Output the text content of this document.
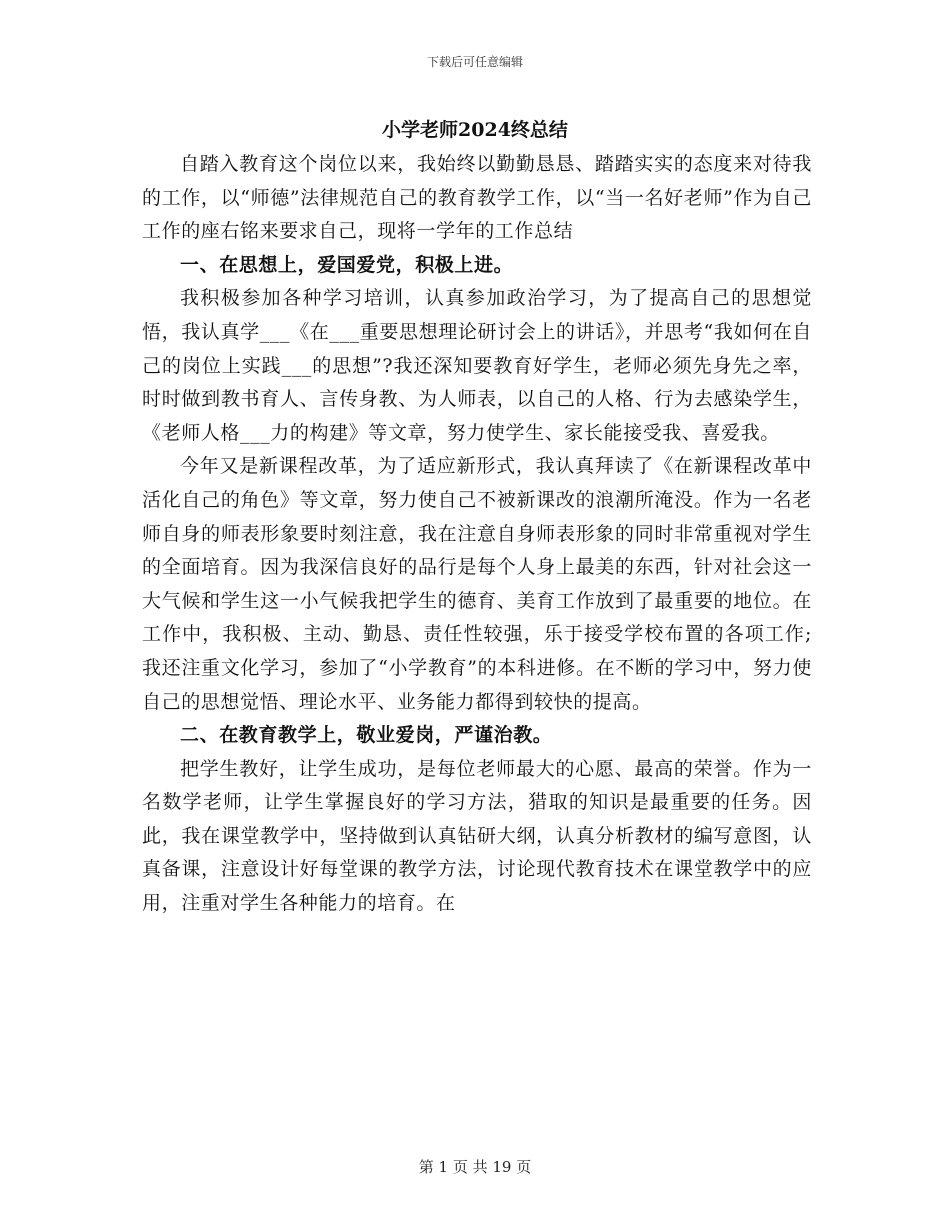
下载后可任意编辑
小学老师2024终总结

自踏入教育这个岗位以来，我始终以勤勤恳恳、踏踏实实的态度来对待我的工作，以“师德”法律规范自己的教育教学工作，以“当一名好老师”作为自己工作的座右铭来要求自己，现将一学年的工作总结

一、在思想上，爱国爱党，积极上进。

我积极参加各种学习培训，认真参加政治学习，为了提高自己的思想觉悟，我认真学___《在___重要思想理论研讨会上的讲话》，并思考“我如何在自己的岗位上实践___的思想”?我还深知要教育好学生，老师必须先身先之率，时时做到教书育人、言传身教、为人师表，以自己的人格、行为去感染学生，《老师人格___力的构建》等文章，努力使学生、家长能接受我、喜爱我。

今年又是新课程改革，为了适应新形式，我认真拜读了《在新课程改革中活化自己的角色》等文章，努力使自己不被新课改的浪潮所淹没。作为一名老师自身的师表形象要时刻注意，我在注意自身师表形象的同时非常重视对学生的全面培育。因为我深信良好的品行是每个人身上最美的东西，针对社会这一大气候和学生这一小气候我把学生的德育、美育工作放到了最重要的地位。在工作中，我积极、主动、勤恳、责任性较强，乐于接受学校布置的各项工作;我还注重文化学习，参加了“小学教育”的本科进修。在不断的学习中，努力使自己的思想觉悟、理论水平、业务能力都得到较快的提高。

二、在教育教学上，敬业爱岗，严谨治教。

把学生教好，让学生成功，是每位老师最大的心愿、最高的荣誉。作为一名数学老师，让学生掌握良好的学习方法，猎取的知识是最重要的任务。因此，我在课堂教学中，坚持做到认真钻研大纲，认真分析教材的编写意图，认真备课，注意设计好每堂课的教学方法，讨论现代教育技术在课堂教学中的应用，注重对学生各种能力的培育。在

第 1 页 共 19 页
